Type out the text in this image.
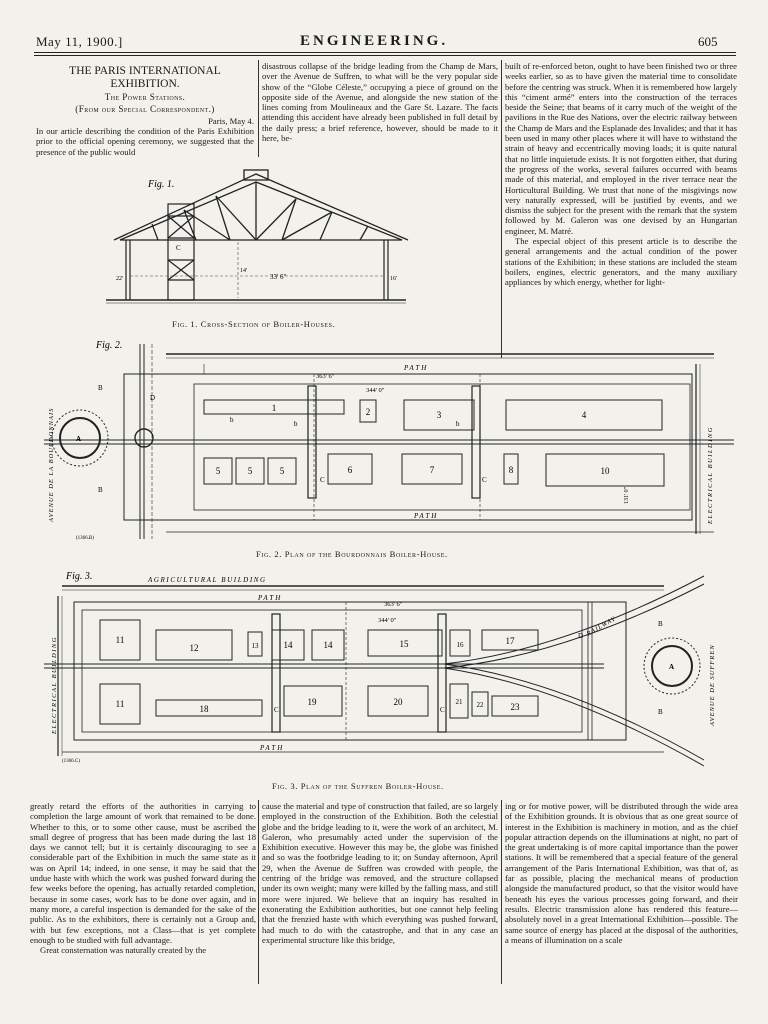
May 11, 1900.]	ENGINEERING.	605
THE PARIS INTERNATIONAL
EXHIBITION.
The Power Stations.
(From our Special Correspondent.)
Paris, May 4.
In our article describing the condition of the Paris Exhibition prior to the official opening ceremony, we suggested that the presence of the public would
disastrous collapse of the bridge leading from the Champ de Mars, over the Avenue de Suffren, to what will be the very popular side show of the “Globe Céleste,” occupying a piece of ground on the opposite side of the Avenue, and alongside the new station of the lines coming from Moulineaux and the Gare St. Lazare. The facts attending this accident have already been published in full detail by the daily press; a brief reference, however, should be made to it here, be-

built of re-enforced beton, ought to have been finished two or three weeks earlier, so as to have given the material time to consolidate before the centring was struck. When it is remembered how largely this “ciment armé” enters into the construction of the terraces beside the Seine; that beams of it carry much of the weight of the pavilions in the Rue des Nations, over the electric railway between the Champ de Mars and the Esplanade des Invalides; and that it has been used in many other places where it will have to withstand the strain of heavy and eccentrically moving loads; it is quite natural that no little inquietude exists. It is not forgotten either, that during the progress of the works, several failures occurred with beams made of this material, and employed in the river terrace near the Horticultural Building. We trust that none of the misgivings now very naturally expressed, will be justified by events, and we dismiss the subject for the present with the remark that the system followed by M. Galeron was one devised by an Hungarian engineer, M. Matré.

The especial object of this present article is to describe the general arrangements and the actual condition of the power stations of the Exhibition; in these stations are included the steam boilers, engines, electric generators, and the many auxiliary appliances by which energy, whether for light-

Fig. 1.
33' 6"
22'	16'
14'
C
Fig. 1. Cross-Section of Boiler-Houses.
Fig. 2.
1	2	3	4
5	5	5	6	7	8	10
A
B
B
D
b	b	b
C
C
PATH
PATH
363' 6"
344' 0"
131' 0"
AVENUE DE LA BOURDONNAIS	ELECTRICAL BUILDING
(1366.B)
Fig. 2. Plan of the Bourdonnais Boiler-House.
Fig. 3.	AGRICULTURAL BUILDING
11
12	13	14	14	15	16	17
11	18
19	20	21 22	23
A
B
B
D
C	C
PATH
PATH
363' 6"
344' 0"	RAILWAY
AVENUE DE SUFFREN
ELECTRICAL BUILDING
(1366.C)
Fig. 3. Plan of the Suffren Boiler-House.

greatly retard the efforts of the authorities in carrying to completion the large amount of work that remained to be done. Whether to this, or to some other cause, must be ascribed the small degree of progress that has been made during the last 18 days we cannot tell; but it is certainly discouraging to see a considerable part of the Exhibition in much the same state as it was on April 14; indeed, in one sense, it may be said that the undue haste with which the work was pushed forward during the few weeks before the opening, has actually retarded completion, because in some cases, work has to be done over again, and in many more, a careful inspection is demanded for the sake of the public. As to the exhibitors, there is certainly not a Group and, with but few exceptions, not a Class—that is yet complete enough to be studied with full advantage.

Great consternation was naturally created by the

cause the material and type of construction that failed, are so largely employed in the construction of the Exhibition. Both the celestial globe and the bridge leading to it, were the work of an architect, M. Galeron, who presumably acted under the supervision of the Exhibition executive. However this may be, the globe was finished and so was the footbridge leading to it; on Sunday afternoon, April 29, when the Avenue de Suffren was crowded with people, the centring of the bridge was removed, and the structure collapsed under its own weight; many were killed by the falling mass, and still more were injured. We believe that an inquiry has resulted in exonerating the Exhibition authorities, but one cannot help feeling that the frenzied haste with which everything was pushed forward, had much to do with the catastrophe, and that in any case an experimental structure like this bridge,
ing or for motive power, will be distributed through the wide area of the Exhibition grounds. It is obvious that as one great source of interest in the Exhibition is machinery in motion, and as the chief popular attraction depends on the illuminations at night, no part of the great undertaking is of more capital importance than the power stations. It will be remembered that a special feature of the general arrangement of the Paris International Exhibition, was that of, as far as possible, placing the mechanical means of production alongside the manufactured product, so that the visitor would have beneath his eyes the various processes going forward, and their results. Electric transmission alone has rendered this feature—absolutely novel in a great International Exhibition—possible. The same source of energy has placed at the disposal of the authorities, a means of illumination on a scale
